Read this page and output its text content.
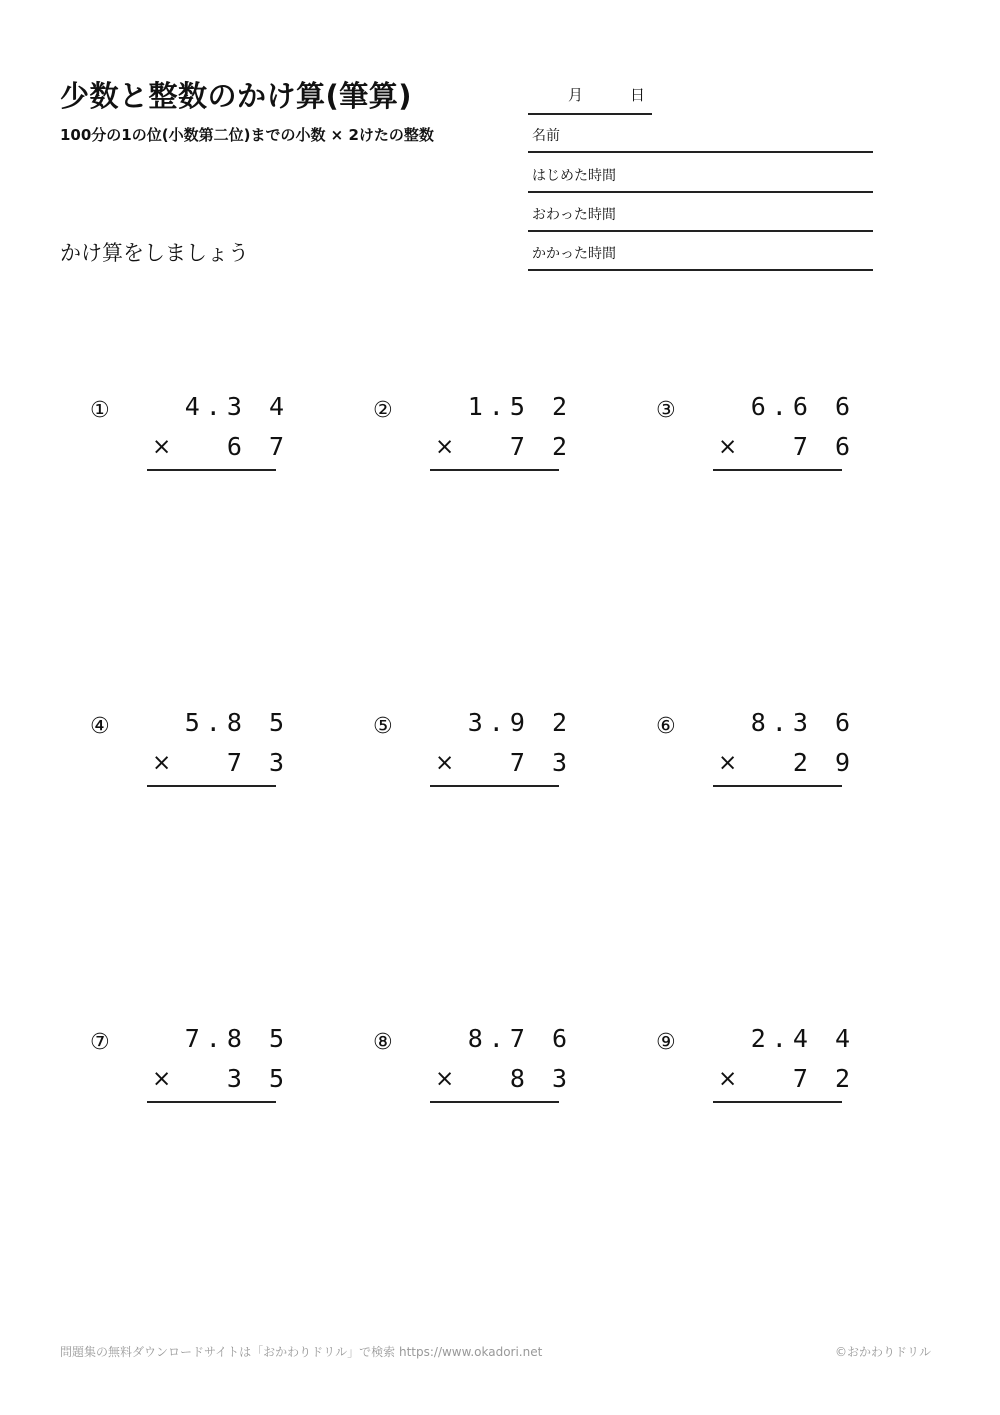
少数と整数のかけ算(筆算)
100分の1の位(小数第二位)までの小数 × 2けたの整数
かけ算をしましょう
月	日
名前
はじめた時間
おわった時間
かかった時間
①	4.3 4
× 6 7
②	1.5 2
× 7 2
③	6.6 6
× 7 6
④	5.8 5
× 7 3
⑤	3.9 2
× 7 3
⑥	8.3 6
× 2 9
⑦	7.8 5
× 3 5
⑧	8.7 6
× 8 3
⑨	2.4 4
× 7 2
問題集の無料ダウンロードサイトは「おかわりドリル」で検索 https://www.okadori.net	©おかわりドリル
